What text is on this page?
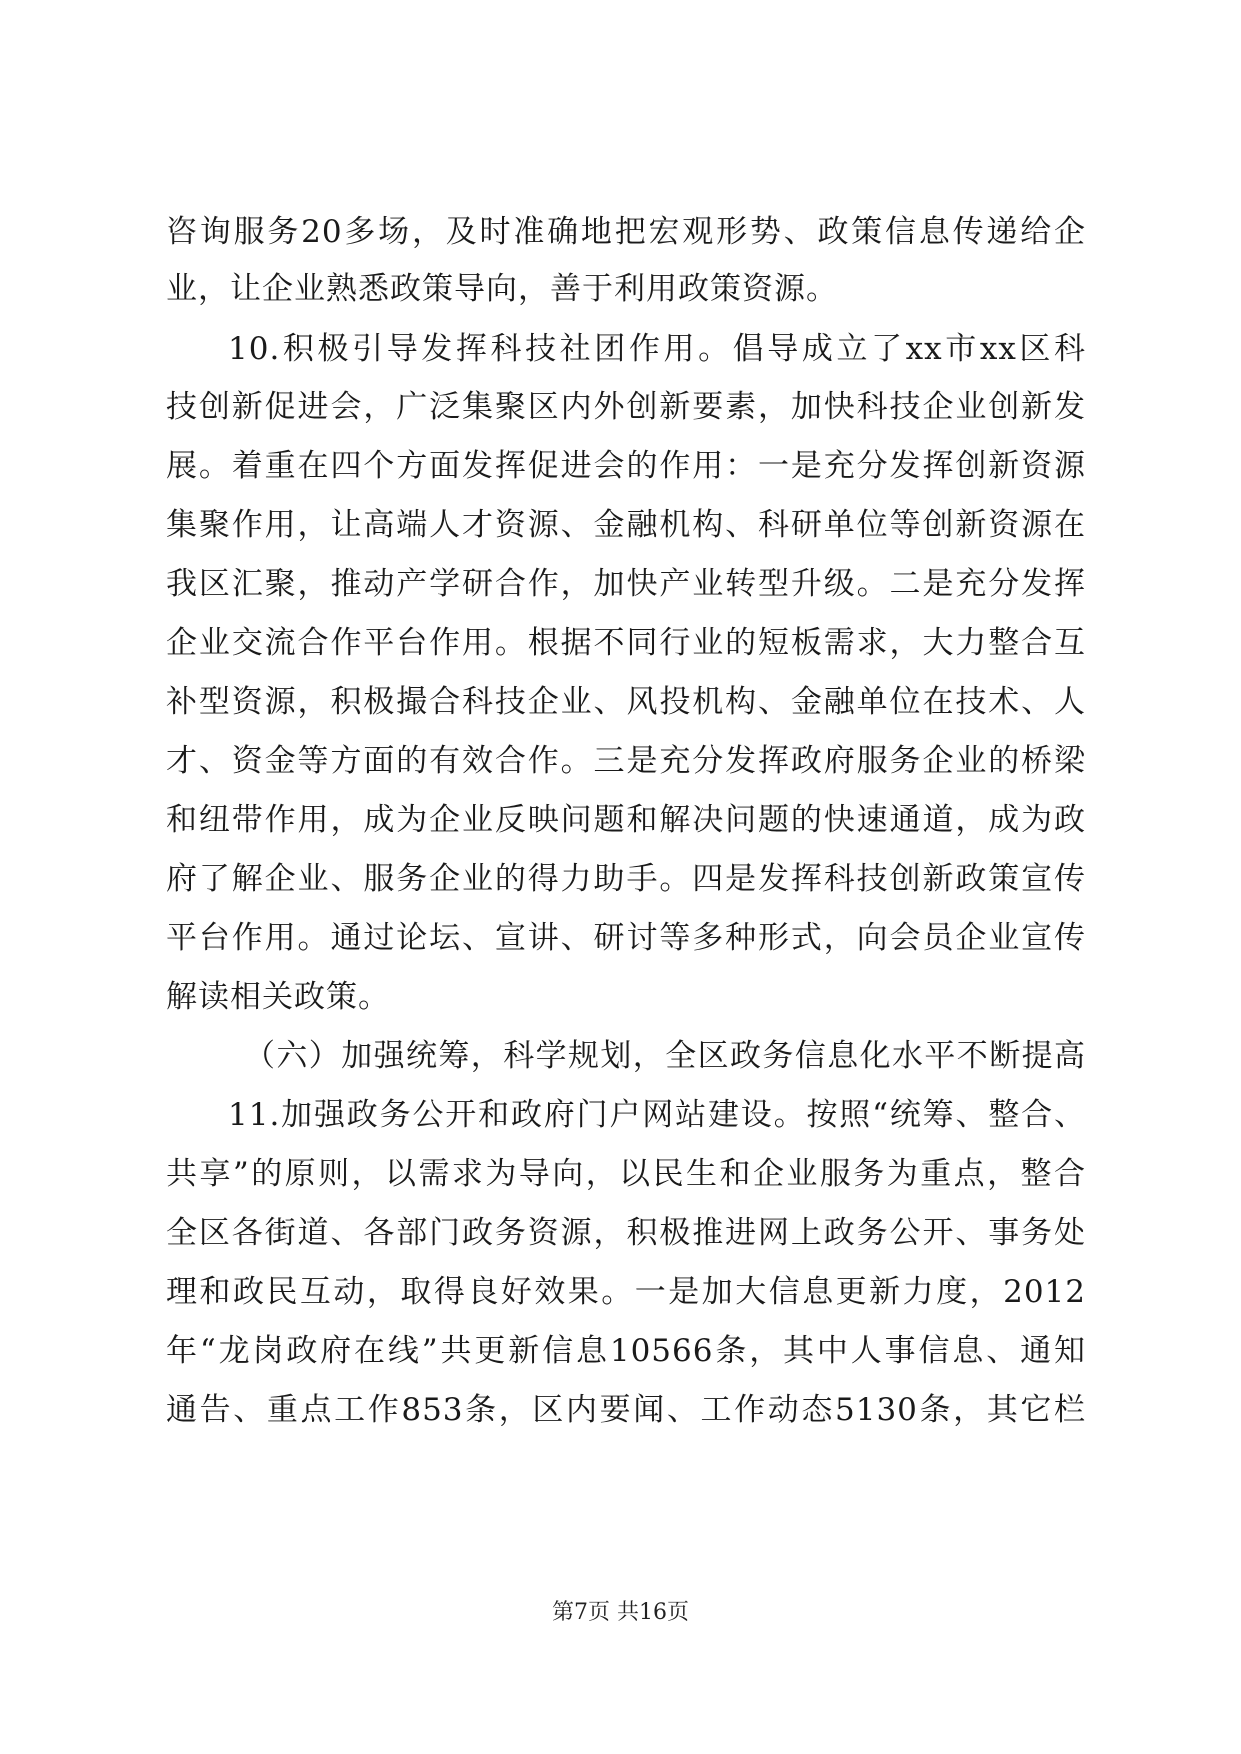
咨询服务20多场，及时准确地把宏观形势、政策信息传递给企
业，让企业熟悉政策导向，善于利用政策资源。
10.积极引导发挥科技社团作用。倡导成立了xx市xx区科
技创新促进会，广泛集聚区内外创新要素，加快科技企业创新发
展。着重在四个方面发挥促进会的作用：一是充分发挥创新资源
集聚作用，让高端人才资源、金融机构、科研单位等创新资源在
我区汇聚，推动产学研合作，加快产业转型升级。二是充分发挥
企业交流合作平台作用。根据不同行业的短板需求，大力整合互
补型资源，积极撮合科技企业、风投机构、金融单位在技术、人
才、资金等方面的有效合作。三是充分发挥政府服务企业的桥梁
和纽带作用，成为企业反映问题和解决问题的快速通道，成为政
府了解企业、服务企业的得力助手。四是发挥科技创新政策宣传
平台作用。通过论坛、宣讲、研讨等多种形式，向会员企业宣传
解读相关政策。
（六）加强统筹，科学规划，全区政务信息化水平不断提高
11.加强政务公开和政府门户网站建设。按照“统筹、整合、
共享”的原则，以需求为导向，以民生和企业服务为重点，整合
全区各街道、各部门政务资源，积极推进网上政务公开、事务处
理和政民互动，取得良好效果。一是加大信息更新力度，2012
年“龙岗政府在线”共更新信息10566条，其中人事信息、通知
通告、重点工作853条，区内要闻、工作动态5130条，其它栏
第7页 共16页
